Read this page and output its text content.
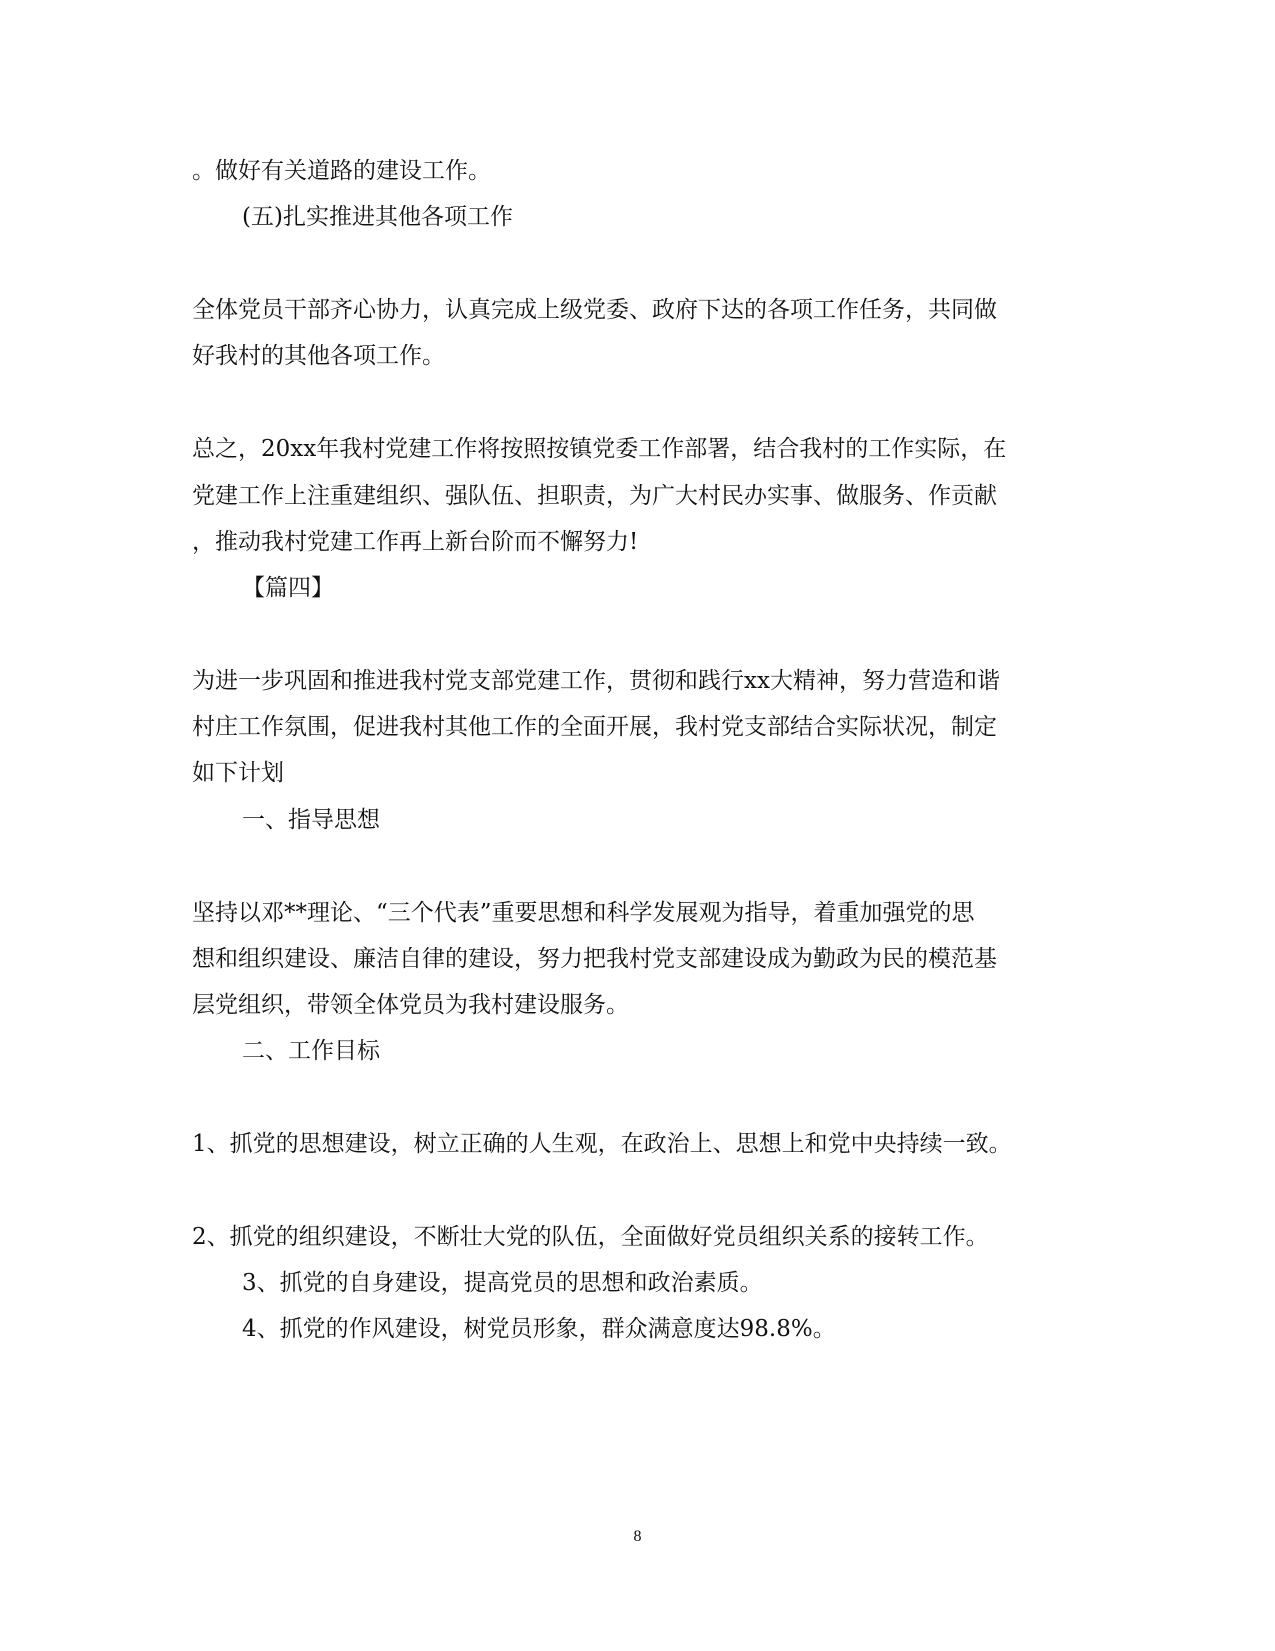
。做好有关道路的建设工作。
(五)扎实推进其他各项工作
全体党员干部齐心协力，认真完成上级党委、政府下达的各项工作任务，共同做
好我村的其他各项工作。
总之，20xx年我村党建工作将按照按镇党委工作部署，结合我村的工作实际，在
党建工作上注重建组织、强队伍、担职责，为广大村民办实事、做服务、作贡献
，推动我村党建工作再上新台阶而不懈努力!
【篇四】
为进一步巩固和推进我村党支部党建工作，贯彻和践行xx大精神，努力营造和谐
村庄工作氛围，促进我村其他工作的全面开展，我村党支部结合实际状况，制定
如下计划
一、指导思想
坚持以邓**理论、“三个代表”重要思想和科学发展观为指导，着重加强党的思
想和组织建设、廉洁自律的建设，努力把我村党支部建设成为勤政为民的模范基
层党组织，带领全体党员为我村建设服务。
二、工作目标
1、抓党的思想建设，树立正确的人生观，在政治上、思想上和党中央持续一致。
2、抓党的组织建设，不断壮大党的队伍，全面做好党员组织关系的接转工作。
3、抓党的自身建设，提高党员的思想和政治素质。
4、抓党的作风建设，树党员形象，群众满意度达98.8%。
8
